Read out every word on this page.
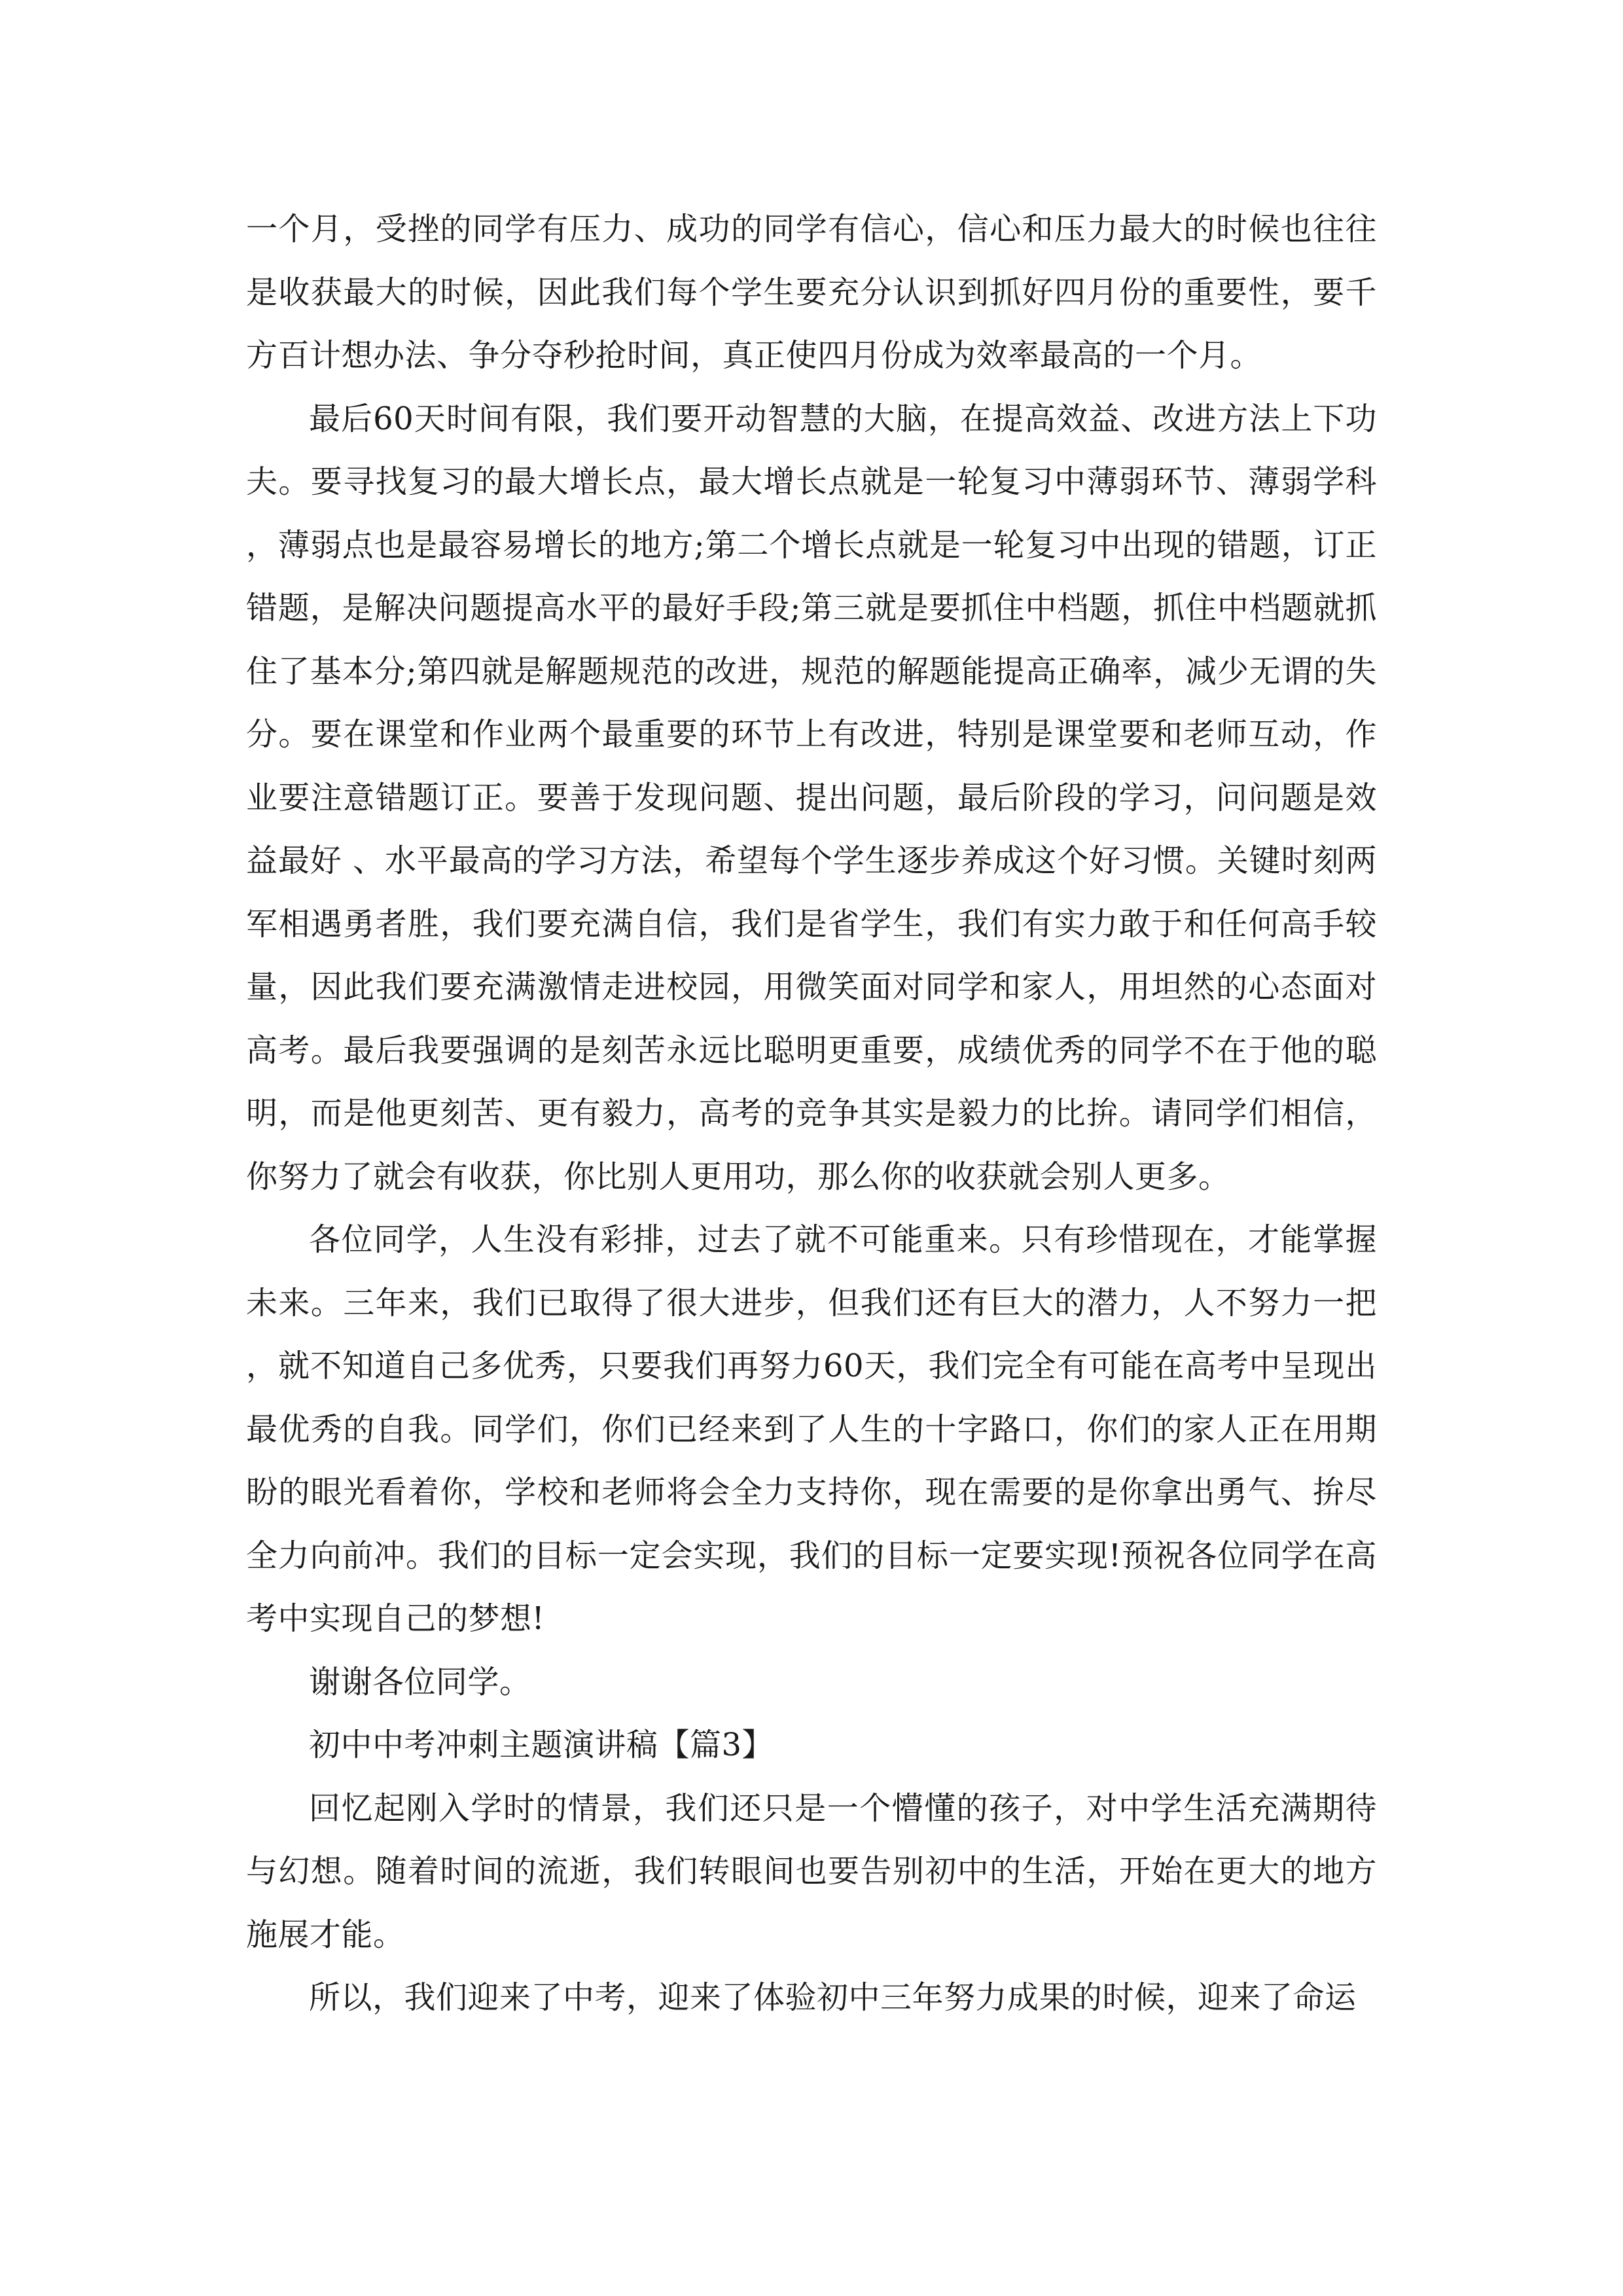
一个月，受挫的同学有压力、成功的同学有信心，信心和压力最大的时候也往往是收获最大的时候，因此我们每个学生要充分认识到抓好四月份的重要性，要千方百计想办法、争分夺秒抢时间，真正使四月份成为效率最高的一个月。

最后60天时间有限，我们要开动智慧的大脑，在提高效益、改进方法上下功夫。要寻找复习的最大增长点，最大增长点就是一轮复习中薄弱环节、薄弱学科，薄弱点也是最容易增长的地方;第二个增长点就是一轮复习中出现的错题，订正错题，是解决问题提高水平的最好手段;第三就是要抓住中档题，抓住中档题就抓住了基本分;第四就是解题规范的改进，规范的解题能提高正确率，减少无谓的失分。要在课堂和作业两个最重要的环节上有改进，特别是课堂要和老师互动，作业要注意错题订正。要善于发现问题、提出问题，最后阶段的学习，问问题是效益最好 、水平最高的学习方法，希望每个学生逐步养成这个好习惯。关键时刻两军相遇勇者胜，我们要充满自信，我们是省学生，我们有实力敢于和任何高手较量，因此我们要充满激情走进校园，用微笑面对同学和家人，用坦然的心态面对高考。最后我要强调的是刻苦永远比聪明更重要，成绩优秀的同学不在于他的聪明，而是他更刻苦、更有毅力，高考的竞争其实是毅力的比拚。请同学们相信，你努力了就会有收获，你比别人更用功，那么你的收获就会别人更多。

各位同学，人生没有彩排，过去了就不可能重来。只有珍惜现在，才能掌握未来。三年来，我们已取得了很大进步，但我们还有巨大的潜力，人不努力一把，就不知道自己多优秀，只要我们再努力60天，我们完全有可能在高考中呈现出最优秀的自我。同学们，你们已经来到了人生的十字路口，你们的家人正在用期盼的眼光看着你，学校和老师将会全力支持你，现在需要的是你拿出勇气、拚尽全力向前冲。我们的目标一定会实现，我们的目标一定要实现!预祝各位同学在高考中实现自己的梦想!

谢谢各位同学。

初中中考冲刺主题演讲稿【篇3】

回忆起刚入学时的情景，我们还只是一个懵懂的孩子，对中学生活充满期待与幻想。随着时间的流逝，我们转眼间也要告别初中的生活，开始在更大的地方施展才能。

所以，我们迎来了中考，迎来了体验初中三年努力成果的时候，迎来了命运
